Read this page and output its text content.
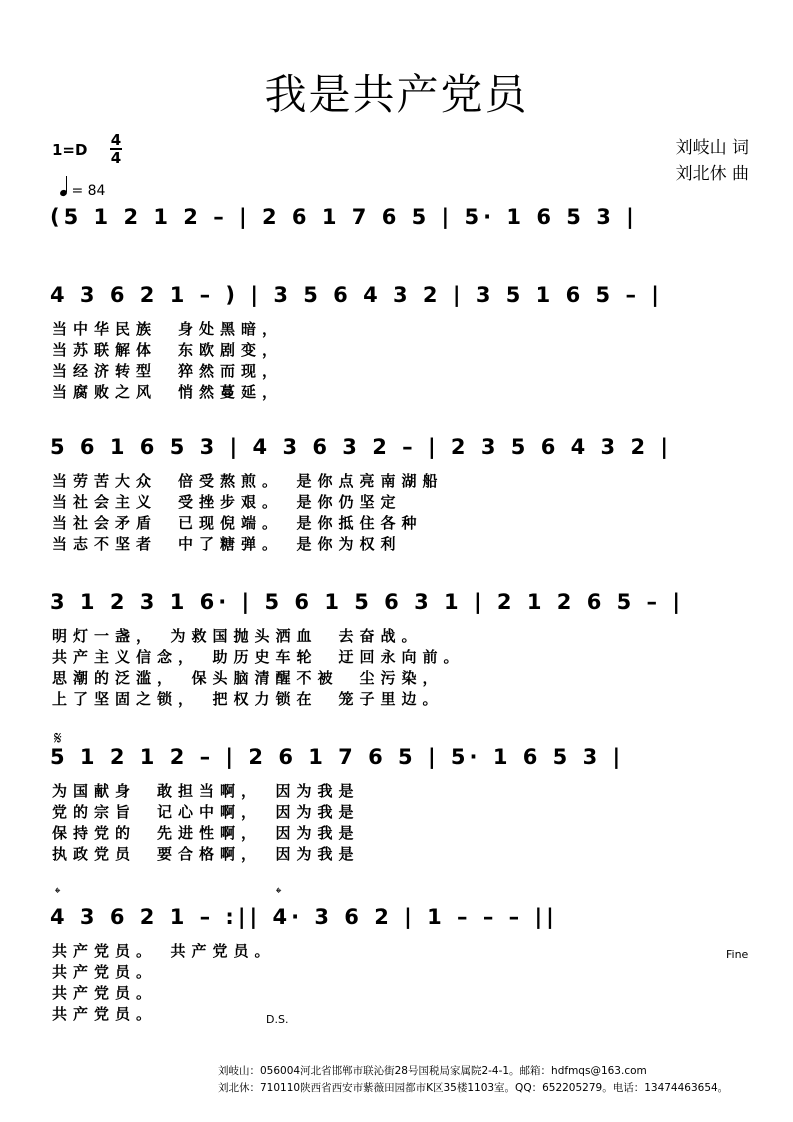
我是共产党员
1=D
4
4
= 84
刘岐山 词
刘北休 曲
(5 1 2 1 2 – | 2 6 1 7 6 5 | 5· 1 6 5 3 |
4 3 6 2 1 – ) | 3 5 6 4 3 2 | 3 5 1 6 5 – |
当中华民族　身处黑暗，
当苏联解体　东欧剧变，
当经济转型　猝然而现，
当腐败之风　悄然蔓延，
5 6 1 6 5 3 | 4 3 6 3 2 – | 2 3 5 6 4 3 2 |
当劳苦大众　倍受熬煎。　是你点亮南湖船
当社会主义　受挫步艰。　是你仍坚定
当社会矛盾　已现倪端。　是你抵住各种
当志不坚者　中了糖弹。　是你为权利
3 1 2 3 1 6· | 5 6 1 5 6 3 1 | 2 1 2 6 5 – |
明灯一盏，　为救国抛头洒血　去奋战。
共产主义信念，　助历史车轮　迂回永向前。
思潮的泛滥，　保头脑清醒不被　尘污染，
上了坚固之锁，　把权力锁在　笼子里边。
5 1 2 1 2 – | 2 6 1 7 6 5 | 5· 1 6 5 3 |
为国献身　敢担当啊，　因为我是
党的宗旨　记心中啊，　因为我是
保持党的　先进性啊，　因为我是
执政党员　要合格啊，　因为我是
4 3 6 2 1 – :|| 4· 3 6 2 | 1 – – – ||
共产党员。　共产党员。
共产党员。
共产党员。
共产党员。
Fine
D.S.
𝄋
𝄌	𝄌
刘岐山：056004河北省邯郸市联沁街28号国税局家属院2-4-1。邮箱：hdfmqs@163.com
刘北休：710110陕西省西安市紫薇田园都市K区35楼1103室。QQ：652205279。电话：13474463654。
